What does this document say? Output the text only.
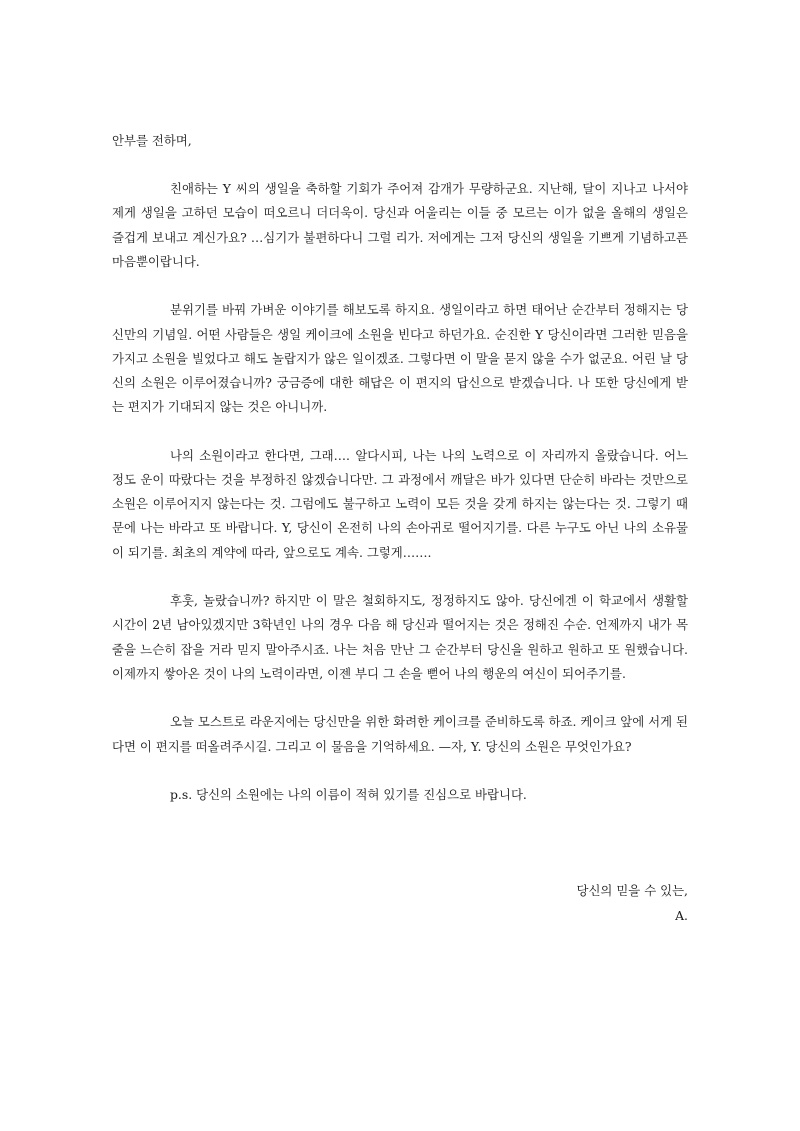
안부를 전하며,
친애하는 Y 씨의 생일을 축하할 기회가 주어져 감개가 무량하군요. 지난해, 달이 지나고 나서야 제게 생일을 고하던 모습이 떠오르니 더더욱이. 당신과 어울리는 이들 중 모르는 이가 없을 올해의 생일은 즐겁게 보내고 계신가요? …심기가 불편하다니 그럴 리가. 저에게는 그저 당신의 생일을 기쁘게 기념하고픈 마음뿐이랍니다.
분위기를 바꿔 가벼운 이야기를 해보도록 하지요. 생일이라고 하면 태어난 순간부터 정해지는 당신만의 기념일. 어떤 사람들은 생일 케이크에 소원을 빈다고 하던가요. 순진한 Y 당신이라면 그러한 믿음을 가지고 소원을 빌었다고 해도 놀랍지가 않은 일이겠죠. 그렇다면 이 말을 묻지 않을 수가 없군요. 어린 날 당신의 소원은 이루어졌습니까? 궁금증에 대한 해답은 이 편지의 답신으로 받겠습니다. 나 또한 당신에게 받는 편지가 기대되지 않는 것은 아니니까.
나의 소원이라고 한다면, 그래…. 알다시피, 나는 나의 노력으로 이 자리까지 올랐습니다. 어느 정도 운이 따랐다는 것을 부정하진 않겠습니다만. 그 과정에서 깨달은 바가 있다면 단순히 바라는 것만으로 소원은 이루어지지 않는다는 것. 그럼에도 불구하고 노력이 모든 것을 갖게 하지는 않는다는 것. 그렇기 때문에 나는 바라고 또 바랍니다. Y, 당신이 온전히 나의 손아귀로 떨어지기를. 다른 누구도 아닌 나의 소유물이 되기를. 최초의 계약에 따라, 앞으로도 계속. 그렇게…….
후훗, 놀랐습니까? 하지만 이 말은 철회하지도, 정정하지도 않아. 당신에겐 이 학교에서 생활할 시간이 2년 남아있겠지만 3학년인 나의 경우 다음 해 당신과 떨어지는 것은 정해진 수순. 언제까지 내가 목줄을 느슨히 잡을 거라 믿지 말아주시죠. 나는 처음 만난 그 순간부터 당신을 원하고 원하고 또 원했습니다. 이제까지 쌓아온 것이 나의 노력이라면, 이젠 부디 그 손을 뻗어 나의 행운의 여신이 되어주기를.
오늘 모스트로 라운지에는 당신만을 위한 화려한 케이크를 준비하도록 하죠. 케이크 앞에 서게 된다면 이 편지를 떠올려주시길. 그리고 이 물음을 기억하세요. —자, Y. 당신의 소원은 무엇인가요?
p.s. 당신의 소원에는 나의 이름이 적혀 있기를 진심으로 바랍니다.
당신의 믿을 수 있는,
A.
